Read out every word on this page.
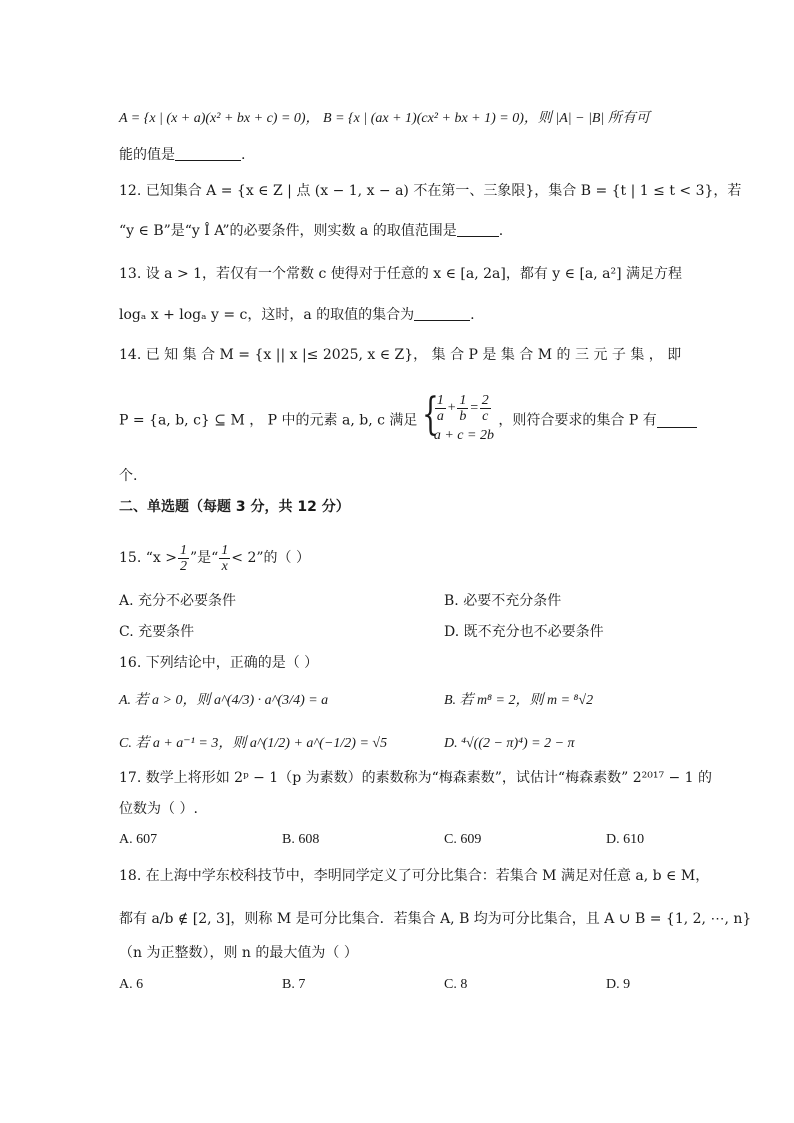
A = {x | (x + a)(x² + bx + c) = 0)， B = {x | (ax + 1)(cx² + bx + 1) = 0)，则 |A| − |B| 所有可
能的值是	.
12. 已知集合 A = {x ∈ Z | 点 (x − 1, x − a) 不在第一、三象限}，集合 B = {t | 1 ≤ t < 3}，若
“y ∈ B”是“y Î A”的必要条件，则实数 a 的取值范围是	.
13. 设 a > 1，若仅有一个常数 c 使得对于任意的 x ∈ [a, 2a]，都有 y ∈ [a, a²] 满足方程
logₐ x + logₐ y = c，这时，a 的取值的集合为	.
14. 已 知 集 合 M = {x || x |≤ 2025, x ∈ Z}， 集 合 P 是 集 合 M 的 三 元 子 集 ， 即
P = {a, b, c} ⊆ M ， P 中的元素 a, b, c 满足 {
$\frac{1}{a} + \frac{1}{b} = \frac{2}{c}$
a + c = 2b
，则符合要求的集合 P 有
个.
二、单选题（每题 3 分，共 12 分）
15. “$x > \frac{1}{2}$ ”是“ $\frac{1}{x} < 2$”的（ ）
A. 充分不必要条件	B. 必要不充分条件
C. 充要条件	D. 既不充分也不必要条件
16. 下列结论中，正确的是（ ）
A. 若 a > 0，则 a^(4/3) · a^(3/4) = a	B. 若 m⁸ = 2，则 m = ⁸√2
C. 若 a + a⁻¹ = 3，则 a^(1/2) + a^(−1/2) = √5	D. ⁴√((2 − π)⁴) = 2 − π
17. 数学上将形如 2ᵖ − 1（p 为素数）的素数称为“梅森素数”，试估计“梅森素数” 2²⁰¹⁷ − 1 的
位数为（ ）.
A. 607	B. 608	C. 609	D. 610
18. 在上海中学东校科技节中，李明同学定义了可分比集合：若集合 M 满足对任意 a, b ∈ M，
都有 a/b ∉ [2, 3]，则称 M 是可分比集合．若集合 A, B 均为可分比集合，且 A ∪ B = {1, 2, ⋯, n}
（n 为正整数），则 n 的最大值为（ ）
A. 6	B. 7	C. 8	D. 9
